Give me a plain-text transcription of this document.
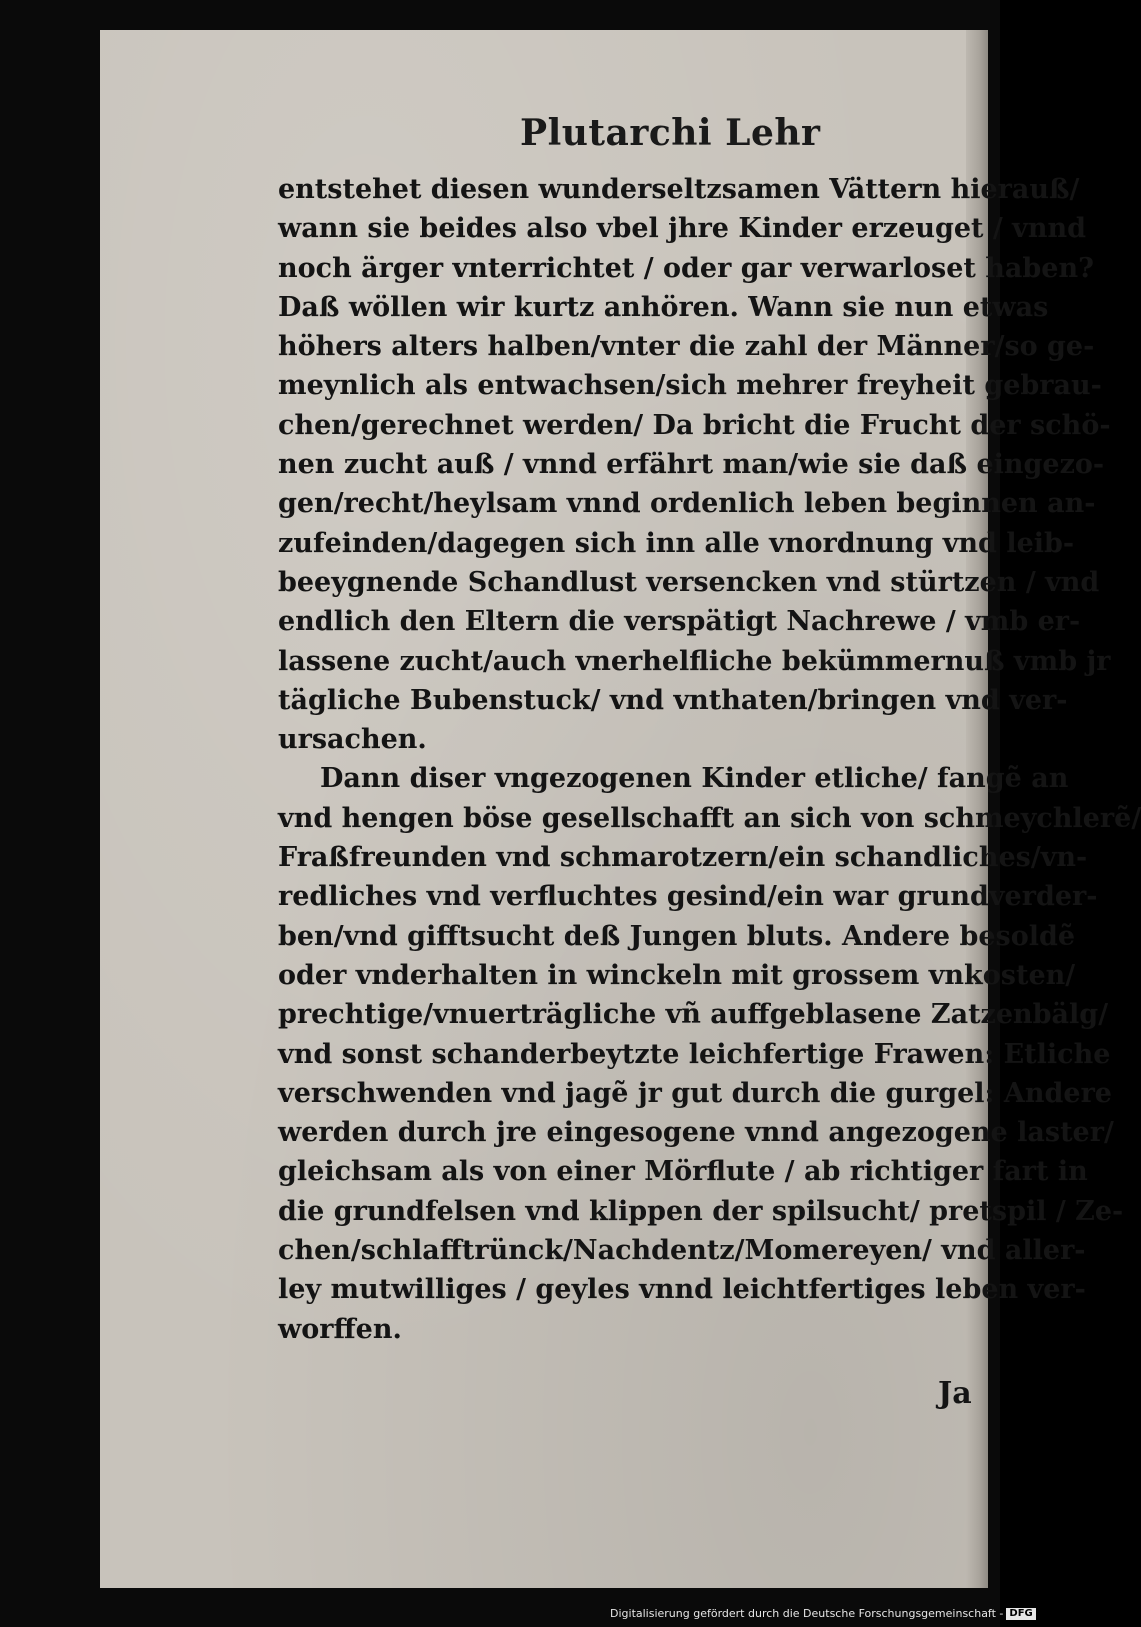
Plutarchi Lehr
entstehet diesen wunderseltzsamen Vättern hierauß/
wann sie beides also vbel jhre Kinder erzeuget / vnnd
noch ärger vnterrichtet / oder gar verwarloset haben?
Daß wöllen wir kurtz anhören. Wann sie nun etwas
höhers alters halben/vnter die zahl der Männer/so ge-
meynlich als entwachsen/sich mehrer freyheit gebrau-
chen/gerechnet werden/ Da bricht die Frucht der schö-
nen zucht auß / vnnd erfährt man/wie sie daß eingezo-
gen/recht/heylsam vnnd ordenlich leben beginnen an-
zufeinden/dagegen sich inn alle vnordnung vnd leib-
beeygnende Schandlust versencken vnd stürtzen / vnd
endlich den Eltern die verspätigt Nachrewe / vmb er-
lassene zucht/auch vnerhelfliche bekümmernuß vmb jr
tägliche Bubenstuck/ vnd vnthaten/bringen vnd ver-
ursachen.
Dann diser vngezogenen Kinder etliche/ fangẽ an
vnd hengen böse gesellschafft an sich von schmeychlerẽ/
Fraßfreunden vnd schmarotzern/ein schandliches/vn-
redliches vnd verfluchtes gesind/ein war grundverder-
ben/vnd gifftsucht deß Jungen bluts. Andere besoldẽ
oder vnderhalten in winckeln mit grossem vnkosten/
prechtige/vnuerträgliche vñ auffgeblasene Zatzenbälg/
vnd sonst schanderbeytzte leichfertige Frawen: Etliche
verschwenden vnd jagẽ jr gut durch die gurgel: Andere
werden durch jre eingesogene vnnd angezogene laster/
gleichsam als von einer Mörflute / ab richtiger fart in
die grundfelsen vnd klippen der spilsucht/ pretspil / Ze-
chen/schlafftrünck/Nachdentz/Momereyen/ vnd aller-
ley mutwilliges / geyles vnnd leichtfertiges leben ver-
worffen.
Ja
Digitalisierung gefördert durch die Deutsche Forschungsgemeinschaft - DFG
